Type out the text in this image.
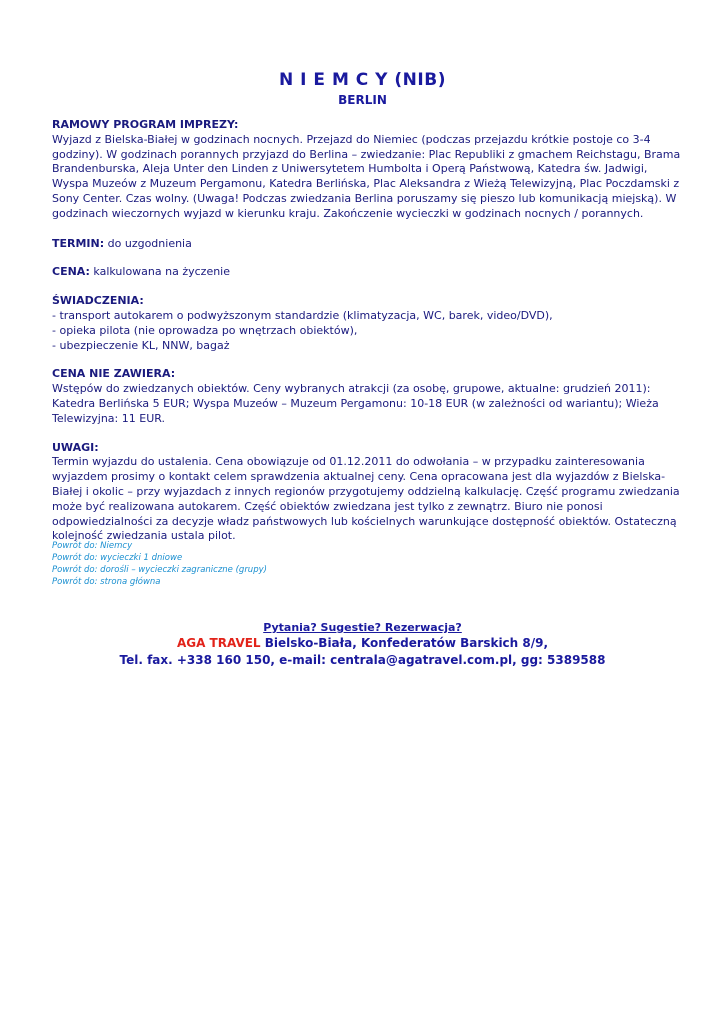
N I E M C Y (NIB)
BERLIN

RAMOWY PROGRAM IMPREZY:

Wyjazd z Bielska-Białej w godzinach nocnych. Przejazd do Niemiec (podczas przejazdu krótkie postoje co 3-4 godziny). W godzinach porannych przyjazd do Berlina – zwiedzanie: Plac Republiki z gmachem Reichstagu, Brama Brandenburska, Aleja Unter den Linden z Uniwersytetem Humbolta i Operą Państwową, Katedra św. Jadwigi, Wyspa Muzeów z Muzeum Pergamonu, Katedra Berlińska, Plac Aleksandra z Wieżą Telewizyjną, Plac Poczdamski z Sony Center. Czas wolny. (Uwaga! Podczas zwiedzania Berlina poruszamy się pieszo lub komunikacją miejską). W godzinach wieczornych wyjazd w kierunku kraju. Zakończenie wycieczki w godzinach nocnych / porannych.

TERMIN: do uzgodnienia

CENA: kalkulowana na życzenie

ŚWIADCZENIA:

- transport autokarem o podwyższonym standardzie (klimatyzacja, WC, barek, video/DVD),

- opieka pilota (nie oprowadza po wnętrzach obiektów),

- ubezpieczenie KL, NNW, bagaż

CENA NIE ZAWIERA:

Wstępów do zwiedzanych obiektów. Ceny wybranych atrakcji (za osobę, grupowe, aktualne: grudzień 2011): Katedra Berlińska 5 EUR; Wyspa Muzeów – Muzeum Pergamonu: 10-18 EUR (w zależności od wariantu); Wieża Telewizyjna: 11 EUR.

UWAGI:

Termin wyjazdu do ustalenia. Cena obowiązuje od 01.12.2011 do odwołania – w przypadku zainteresowania wyjazdem prosimy o kontakt celem sprawdzenia aktualnej ceny. Cena opracowana jest dla wyjazdów z Bielska-Białej i okolic – przy wyjazdach z innych regionów przygotujemy oddzielną kalkulację. Część programu zwiedzania może być realizowana autokarem. Część obiektów zwiedzana jest tylko z zewnątrz. Biuro nie ponosi odpowiedzialności za decyzje władz państwowych lub kościelnych warunkujące dostępność obiektów. Ostateczną kolejność zwiedzania ustala pilot.

Powrót do: Niemcy
Powrót do: wycieczki 1 dniowe
Powrót do: dorośli – wycieczki zagraniczne (grupy)
Powrót do: strona główna
Pytania? Sugestie? Rezerwacja?
AGA TRAVEL Bielsko-Biała, Konfederatów Barskich 8/9,
Tel. fax. +338 160 150, e-mail: centrala@agatravel.com.pl, gg: 5389588
